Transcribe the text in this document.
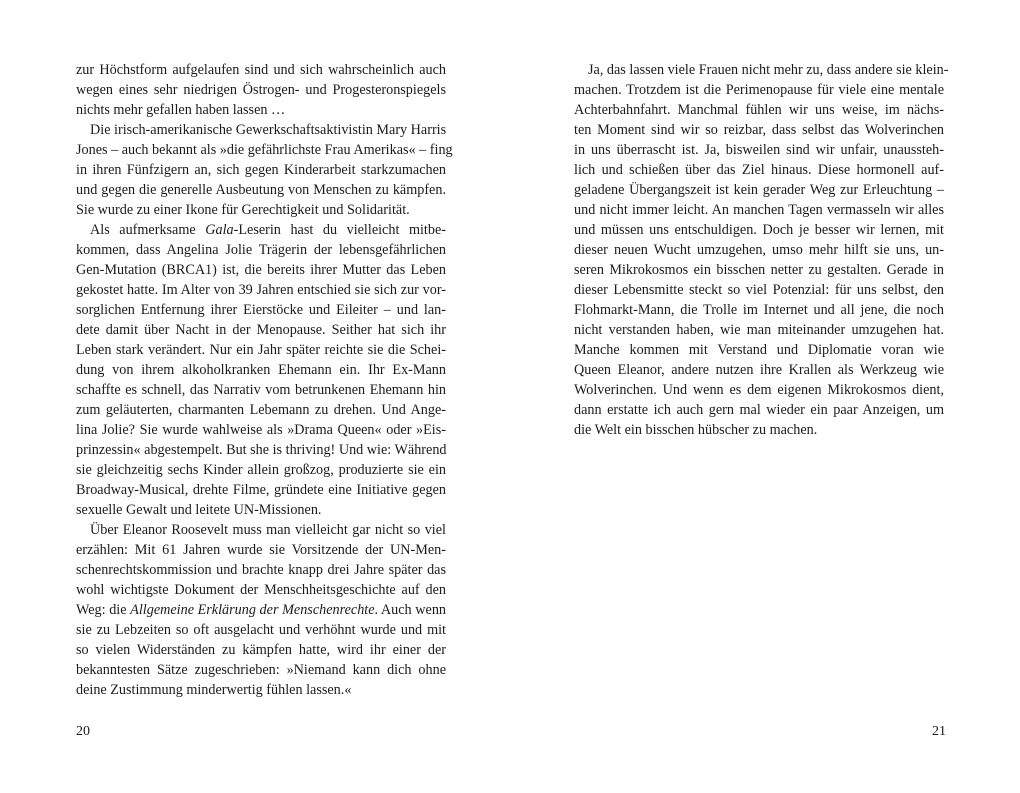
zur Höchstform aufgelaufen sind und sich wahrscheinlich auch
wegen eines sehr niedrigen Östrogen- und Progesteronspiegels
nichts mehr gefallen haben lassen …
Die irisch-amerikanische Gewerkschaftsaktivistin Mary Harris
Jones – auch bekannt als »die gefährlichste Frau Amerikas« – fing
in ihren Fünfzigern an, sich gegen Kinderarbeit starkzumachen
und gegen die generelle Ausbeutung von Menschen zu kämpfen.
Sie wurde zu einer Ikone für Gerechtigkeit und Solidarität.
Als aufmerksame Gala-Leserin hast du vielleicht mitbe-
kommen, dass Angelina Jolie Trägerin der lebensgefährlichen
Gen-Mutation (BRCA1) ist, die bereits ihrer Mutter das Leben
gekostet hatte. Im Alter von 39 Jahren entschied sie sich zur vor-
sorglichen Entfernung ihrer Eierstöcke und Eileiter – und lan-
dete damit über Nacht in der Menopause. Seither hat sich ihr
Leben stark verändert. Nur ein Jahr später reichte sie die Schei-
dung von ihrem alkoholkranken Ehemann ein. Ihr Ex-Mann
schaffte es schnell, das Narrativ vom betrunkenen Ehemann hin
zum geläuterten, charmanten Lebemann zu drehen. Und Ange-
lina Jolie? Sie wurde wahlweise als »Drama Queen« oder »Eis-
prinzessin« abgestempelt. But she is thriving! Und wie: Während
sie gleichzeitig sechs Kinder allein großzog, produzierte sie ein
Broadway-Musical, drehte Filme, gründete eine Initiative gegen
sexuelle Gewalt und leitete UN-Missionen.
Über Eleanor Roosevelt muss man vielleicht gar nicht so viel
erzählen: Mit 61 Jahren wurde sie Vorsitzende der UN-Men-
schenrechtskommission und brachte knapp drei Jahre später das
wohl wichtigste Dokument der Menschheitsgeschichte auf den
Weg: die Allgemeine Erklärung der Menschenrechte. Auch wenn
sie zu Lebzeiten so oft ausgelacht und verhöhnt wurde und mit
so vielen Widerständen zu kämpfen hatte, wird ihr einer der
bekanntesten Sätze zugeschrieben: »Niemand kann dich ohne
deine Zustimmung minderwertig fühlen lassen.«
Ja, das lassen viele Frauen nicht mehr zu, dass andere sie klein-
machen. Trotzdem ist die Perimenopause für viele eine mentale
Achterbahnfahrt. Manchmal fühlen wir uns weise, im nächs-
ten Moment sind wir so reizbar, dass selbst das Wolverinchen
in uns überrascht ist. Ja, bisweilen sind wir unfair, unaussteh-
lich und schießen über das Ziel hinaus. Diese hormonell auf-
geladene Übergangszeit ist kein gerader Weg zur Erleuchtung –
und nicht immer leicht. An manchen Tagen vermasseln wir alles
und müssen uns entschuldigen. Doch je besser wir lernen, mit
dieser neuen Wucht umzugehen, umso mehr hilft sie uns, un-
seren Mikrokosmos ein bisschen netter zu gestalten. Gerade in
dieser Lebensmitte steckt so viel Potenzial: für uns selbst, den
Flohmarkt-Mann, die Trolle im Internet und all jene, die noch
nicht verstanden haben, wie man miteinander umzugehen hat.
Manche kommen mit Verstand und Diplomatie voran wie
Queen Eleanor, andere nutzen ihre Krallen als Werkzeug wie
Wolverinchen. Und wenn es dem eigenen Mikrokosmos dient,
dann erstatte ich auch gern mal wieder ein paar Anzeigen, um
die Welt ein bisschen hübscher zu machen.
20	21
